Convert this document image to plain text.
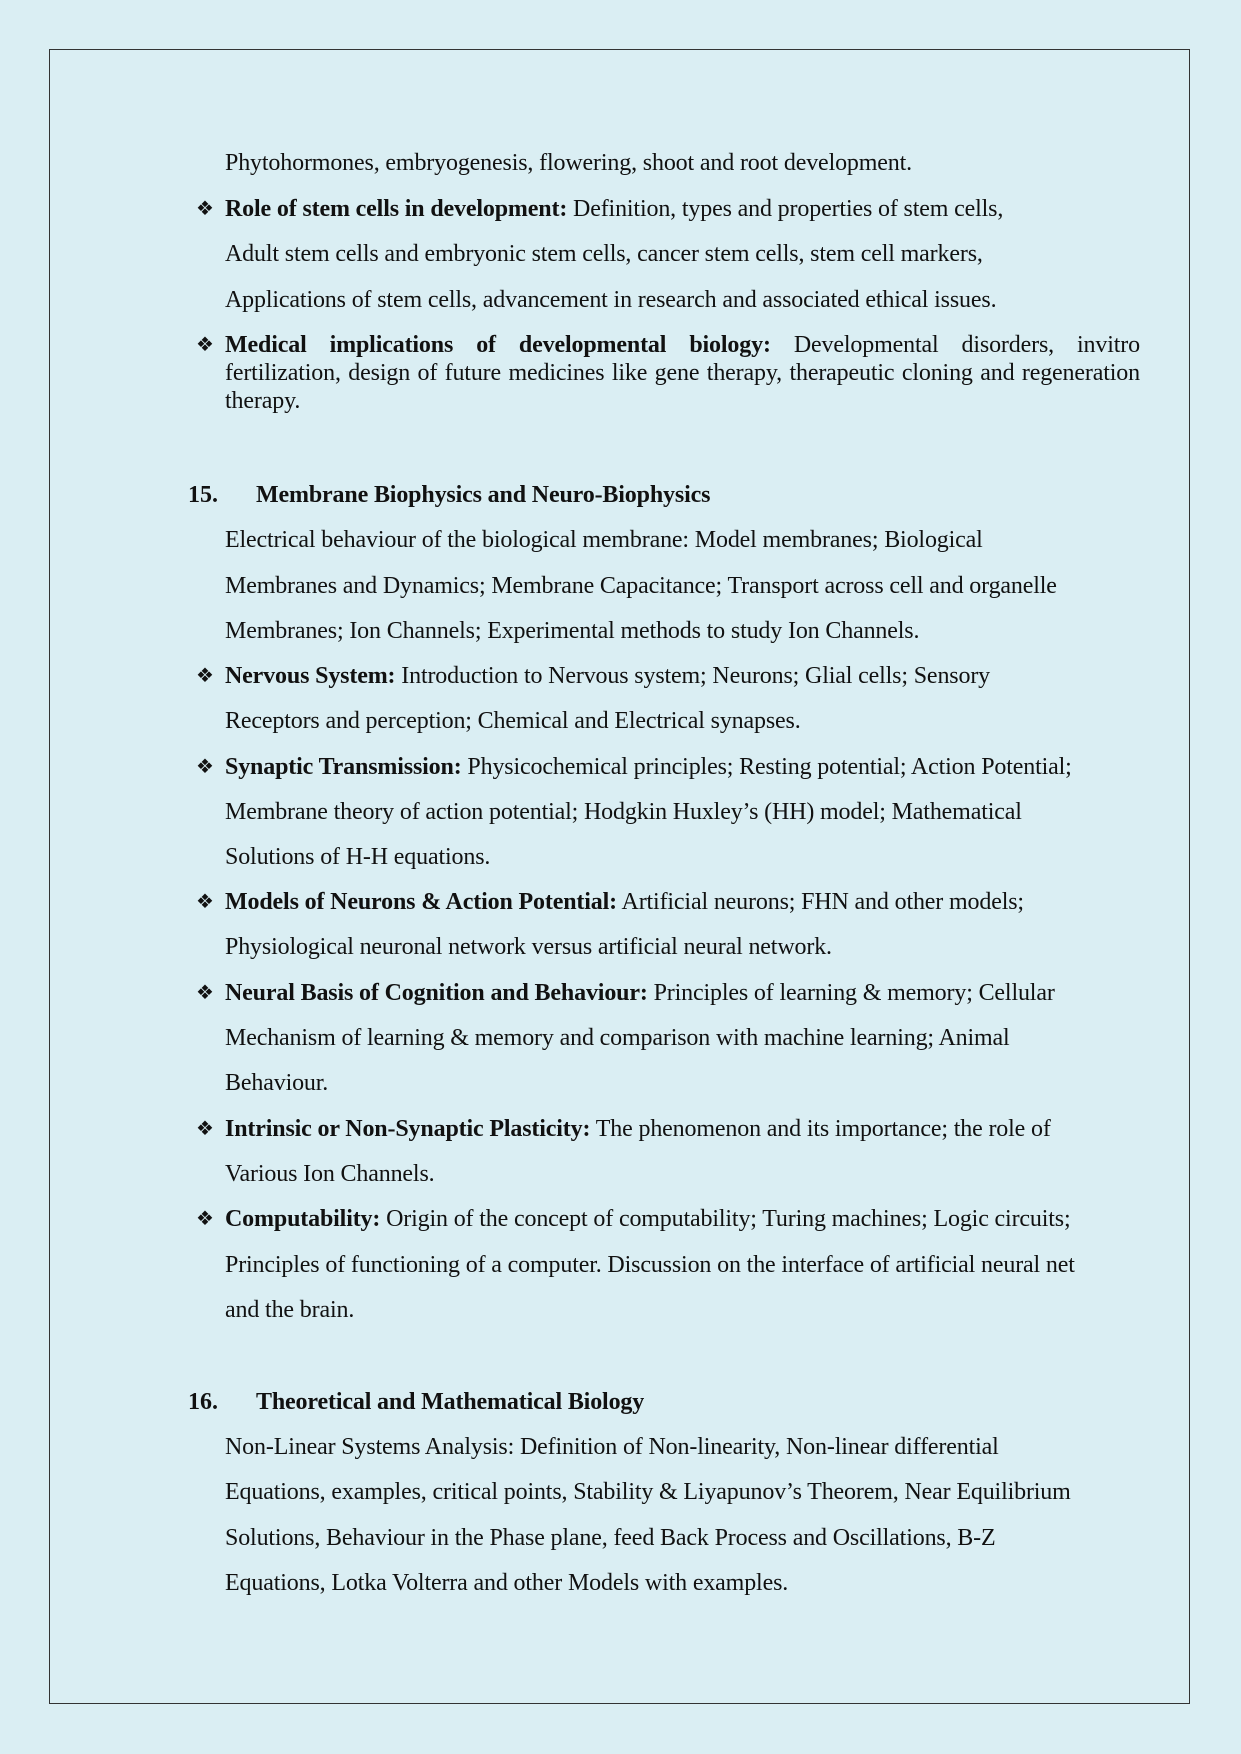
Phytohormones, embryogenesis, flowering, shoot and root development.
❖ Role of stem cells in development: Definition, types and properties of stem cells,
Adult stem cells and embryonic stem cells, cancer stem cells, stem cell markers,
Applications of stem cells, advancement in research and associated ethical issues.
❖ Medical implications of developmental biology: Developmental disorders, invitro fertilization, design of future medicines like gene therapy, therapeutic cloning and regeneration therapy.
15. Membrane Biophysics and Neuro-Biophysics
Electrical behaviour of the biological membrane: Model membranes; Biological
Membranes and Dynamics; Membrane Capacitance; Transport across cell and organelle
Membranes; Ion Channels; Experimental methods to study Ion Channels.
❖ Nervous System: Introduction to Nervous system; Neurons; Glial cells; Sensory
Receptors and perception; Chemical and Electrical synapses.
❖ Synaptic Transmission: Physicochemical principles; Resting potential; Action Potential;
Membrane theory of action potential; Hodgkin Huxley’s (HH) model; Mathematical
Solutions of H-H equations.
❖ Models of Neurons & Action Potential: Artificial neurons; FHN and other models;
Physiological neuronal network versus artificial neural network.
❖ Neural Basis of Cognition and Behaviour: Principles of learning & memory; Cellular
Mechanism of learning & memory and comparison with machine learning; Animal
Behaviour.
❖ Intrinsic or Non-Synaptic Plasticity: The phenomenon and its importance; the role of
Various Ion Channels.
❖ Computability: Origin of the concept of computability; Turing machines; Logic circuits;
Principles of functioning of a computer. Discussion on the interface of artificial neural net
and the brain.
16. Theoretical and Mathematical Biology
Non-Linear Systems Analysis: Definition of Non-linearity, Non-linear differential
Equations, examples, critical points, Stability & Liyapunov’s Theorem, Near Equilibrium
Solutions, Behaviour in the Phase plane, feed Back Process and Oscillations, B-Z
Equations, Lotka Volterra and other Models with examples.
